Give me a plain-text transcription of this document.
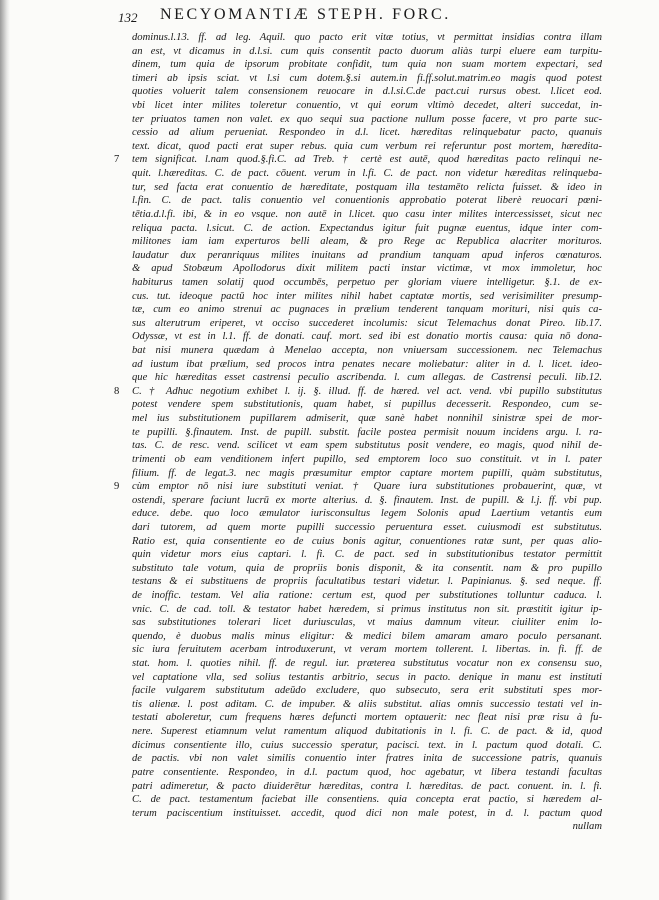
132 NECYOMANTIÆ STEPH. FORC.
dominus.l.13. ff. ad leg. Aquil. quo pacto erit vitæ totius, vt permittat insidias contra illam
an est, vt dicamus in d.l.si. cum quis consentit pacto duorum aliàs turpi eluere eam turpitu-
dinem, tum quia de ipsorum probitate confidit, tum quia non suam mortem expectari, sed
timeri ab ipsis sciat. vt l.si cum dotem.§.si autem.in fi.ff.solut.matrim.eo magis quod potest
quoties voluerit talem consensionem reuocare in d.l.si.C.de pact.cui rursus obest. l.licet eod.
vbi licet inter milites toleretur conuentio, vt qui eorum vltimò decedet, alteri succedat, in-
ter priuatos tamen non valet. ex quo sequi sua pactione nullum posse facere, vt pro parte suc-
cessio ad alium perueniat. Respondeo in d.l. licet. hæreditas relinquebatur pacto, quanuis
text. dicat, quod pacti erat super rebus. quia cum verbum rei referuntur post mortem, hæredita-
7 tem significat. l.nam quod.§.fi.C. ad Treb. † certè est autē, quod hæreditas pacto relinqui ne-
quit. l.hæreditas. C. de pact. cōuent. verum in l.fi. C. de pact. non videtur hæreditas relinqueba-
tur, sed facta erat conuentio de hæreditate, postquam illa testamēto relicta fuisset. & ideo in
l.fin. C. de pact. talis conuentio vel conuentionis approbatio poterat liberè reuocari pœni-
tētia.d.l.fi. ibi, & in eo vsque. non autē in l.licet. quo casu inter milites intercessisset, sicut nec
reliqua pacta. l.sicut. C. de action. Expectandus igitur fuit pugnæ euentus, idque inter com-
militones iam iam experturos belli aleam, & pro Rege ac Republica alacriter morituros.
laudatur dux peranriquus milites inuitans ad prandium tanquam apud inferos cœnaturos.
& apud Stobæum Apollodorus dixit militem pacti instar victimæ, vt mox immoletur, hoc
habiturus tamen solatij quod occumbēs, perpetuo per gloriam viuere intelligetur. §.1. de ex-
cus. tut. ideoque pactū hoc inter milites nihil habet captatæ mortis, sed verisimiliter presump-
tæ, cum eo animo strenui ac pugnaces in prælium tenderent tanquam morituri, nisi quis ca-
sus alterutrum eriperet, vt occiso succederet incolumis: sicut Telemachus donat Pireo. lib.17.
Odyssæ, vt est in l.1. ff. de donati. cauf. mort. sed ibi est donatio mortis causa: quia nō dona-
bat nisi munera quædam à Menelao accepta, non vniuersam successionem. nec Telemachus
ad iustum ibat prælium, sed procos intra penates necare moliebatur: aliter in d. l. licet. ideo-
que hic hæreditas esset castrensi peculio ascribenda. l. cum allegas. de Castrensi peculi. lib.12.
8 C. † Adhuc negotium exhibet l. ij. §. illud. ff. de hæred. vel act. vend. vbi pupillo substitutus
potest vendere spem substitutionis, quam habet, si pupillus decesserit. Respondeo, cum se-
mel ius substitutionem pupillarem admiserit, quæ sanè habet nonnihil sinistræ spei de mor-
te pupilli. §.finautem. Inst. de pupill. substit. facile postea permisit nouum incidens argu. l. ra-
tas. C. de resc. vend. scilicet vt eam spem substitutus posit vendere, eo magis, quod nihil de-
trimenti ob eam venditionem infert pupillo, sed emptorem loco suo constituit. vt in l. pater
filium. ff. de legat.3. nec magis præsumitur emptor captare mortem pupilli, quàm substitutus,
9 cùm emptor nō nisi iure substituti veniat. † Quare iura substitutiones probauerint, quæ, vt
ostendi, sperare faciunt lucrū ex morte alterius. d. §. finautem. Inst. de pupill. & l.j. ff. vbi pup.
educe. debe. quo loco æmulator iurisconsultus legem Solonis apud Laertium vetantis eum
dari tutorem, ad quem morte pupilli successio peruentura esset. cuiusmodi est substitutus.
Ratio est, quia consentiente eo de cuius bonis agitur, conuentiones ratæ sunt, per quas alio-
quin videtur mors eius captari. l. fi. C. de pact. sed in substitutionibus testator permittit
substituto tale votum, quia de propriis bonis disponit, & ita consentit. nam & pro pupillo
testans & ei substituens de propriis facultatibus testari videtur. l. Papinianus. §. sed neque. ff.
de inoffic. testam. Vel alia ratione: certum est, quod per substitutiones tolluntur caduca. l.
vnic. C. de cad. toll. & testator habet hæredem, si primus institutus non sit. præstitit igitur ip-
sas substitutiones tolerari licet duriusculas, vt maius damnum viteur. ciuiliter enim lo-
quendo, è duobus malis minus eligitur: & medici bilem amaram amaro poculo persanant.
sic iura feruitutem acerbam introduxerunt, vt veram mortem tollerent. l. libertas. in. fi. ff. de
stat. hom. l. quoties nihil. ff. de regul. iur. præterea substitutus vocatur non ex consensu suo,
vel captatione vlla, sed solius testantis arbitrio, secus in pacto. denique in manu est instituti
facile vulgarem substitutum adeūdo excludere, quo subsecuto, sera erit substituti spes mor-
tis alienæ. l. post aditam. C. de impuber. & aliis substitut. alias omnis successio testati vel in-
testati aboleretur, cum frequens hæres defuncti mortem optauerit: nec fleat nisi præ risu à fu-
nere. Superest etiamnum velut ramentum aliquod dubitationis in l. fi. C. de pact. & id, quod
dicimus consentiente illo, cuius successio speratur, pacisci. text. in l. pactum quod dotali. C.
de pactis. vbi non valet similis conuentio inter fratres inita de successione patris, quanuis
patre consentiente. Respondeo, in d.l. pactum quod, hoc agebatur, vt libera testandi facultas
patri adimeretur, & pacto diuiderētur hæreditas, contra l. hæreditas. de pact. conuent. in. l. fi.
C. de pact. testamentum faciebat ille consentiens. quia concepta erat pactio, si hæredem al-
terum paciscentium instituisset. accedit, quod dici non male potest, in d. l. pactum quod
nullam
